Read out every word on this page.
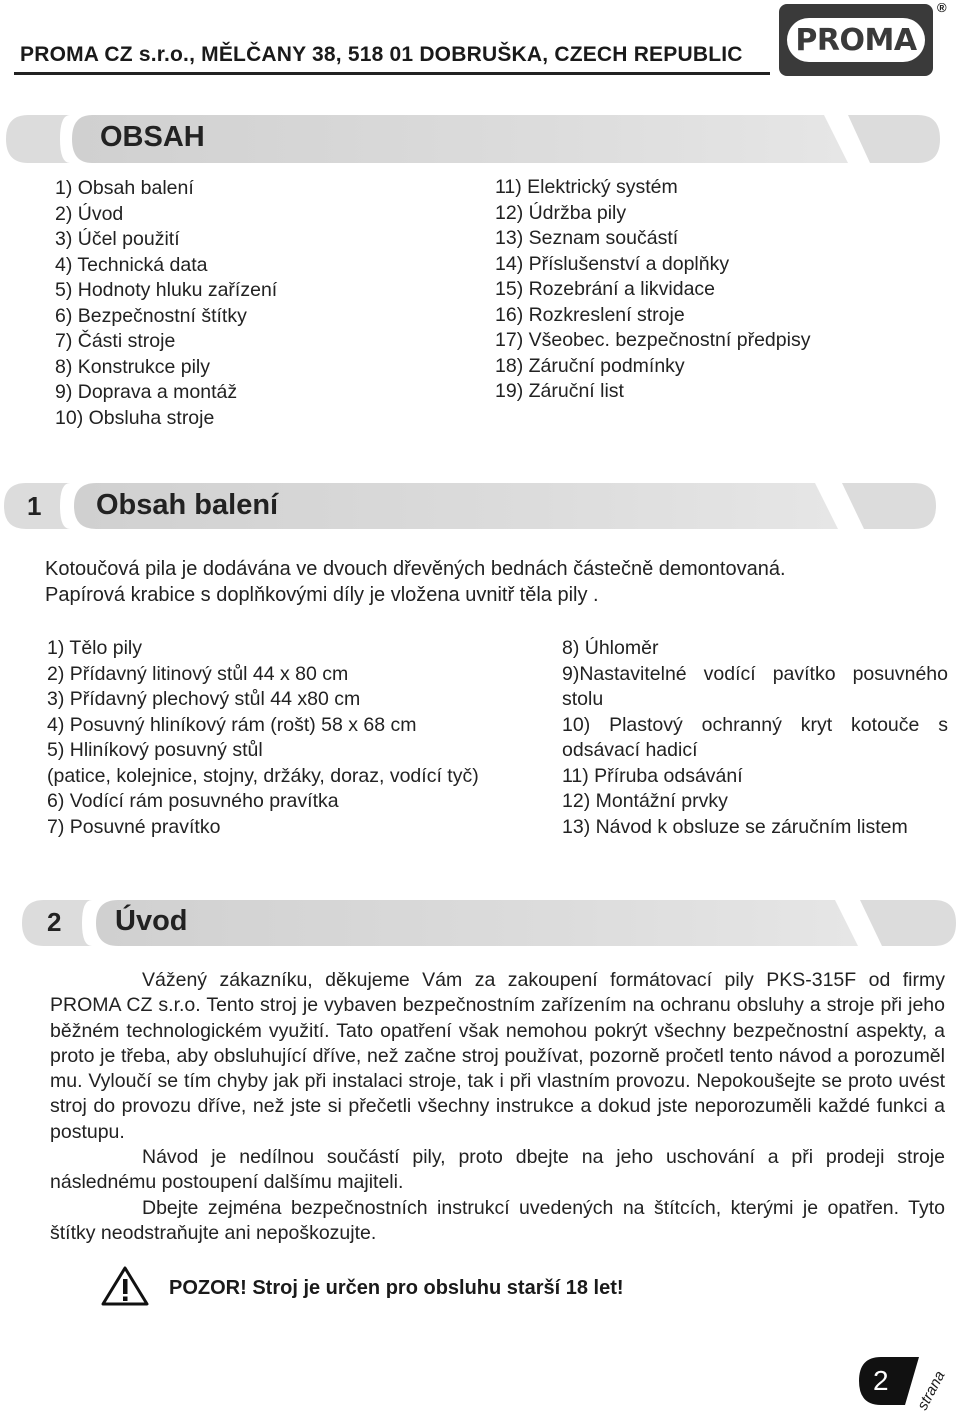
PROMA CZ s.r.o., MĚLČANY 38, 518 01 DOBRUŠKA, CZECH REPUBLIC PROMA
®
OBSAH
1) Obsah balení
2) Úvod
3) Účel použití
4) Technická data
5) Hodnoty hluku zařízení
6) Bezpečnostní štítky
7) Části stroje
8) Konstrukce pily
9) Doprava a montáž
10) Obsluha stroje
11) Elektrický systém
12) Údržba pily
13) Seznam součástí
14) Příslušenství a doplňky
15) Rozebrání a likvidace
16) Rozkreslení stroje
17) Všeobec. bezpečnostní předpisy
18) Záruční podmínky
19) Záruční list
1 Obsah balení
Kotoučová pila je dodávána ve dvouch dřevěných bednách částečně demontovaná.
Papírová krabice s doplňkovými díly je vložena uvnitř těla pily .
1) Tělo pily
2) Přídavný litinový stůl 44 x 80 cm
3) Přídavný plechový stůl 44 x80 cm
4) Posuvný hliníkový rám (rošt) 58 x 68 cm
5) Hliníkový posuvný stůl
(patice, kolejnice, stojny, držáky, doraz, vodící tyč)
6) Vodící rám posuvného pravítka
7) Posuvné pravítko
8) Úhloměr
9)Nastavitelné vodící pavítko posuvného stolu
10) Plastový ochranný kryt kotouče s odsávací hadicí
11) Příruba odsávání
12) Montážní prvky
13) Návod k obsluze se záručním listem
2 Úvod

Vážený zákazníku, děkujeme Vám za zakoupení formátovací pily PKS-315F od firmy PROMA CZ s.r.o. Tento stroj je vybaven bezpečnostním zařízením na ochranu obsluhy a stroje při jeho běžném technologickém využití. Tato opatření však nemohou pokrýt všechny bezpečnostní aspekty, a proto je třeba, aby obsluhující dříve, než začne stroj používat, pozorně pročetl tento návod a porozuměl mu. Vyloučí se tím chyby jak při instalaci stroje, tak i při vlastním provozu. Nepokoušejte se proto uvést stroj do provozu dříve, než jste si přečetli všechny instrukce a dokud jste neporozuměli každé funkci a postupu.

Návod je nedílnou součástí pily, proto dbejte na jeho uschování a při prodeji stroje následnému postoupení dalšímu majiteli.

Dbejte zejména bezpečnostních instrukcí uvedených na štítcích, kterými je opatřen. Tyto štítky neodstraňujte ani nepoškozujte.

POZOR! Stroj je určen pro obsluhu starší 18 let!
2 strana
